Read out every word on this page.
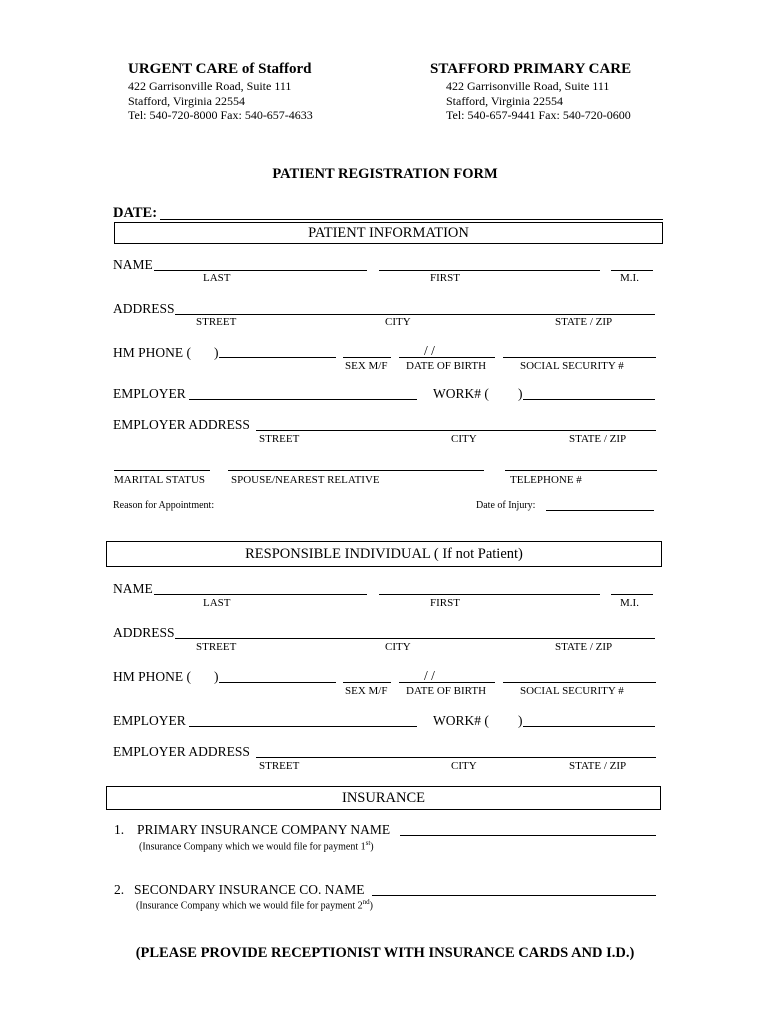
URGENT CARE of Stafford
422 Garrisonville Road, Suite 111
Stafford, Virginia 22554
Tel: 540-720-8000 Fax: 540-657-4633
STAFFORD PRIMARY CARE
422 Garrisonville Road, Suite 111
Stafford, Virginia 22554
Tel: 540-657-9441 Fax: 540-720-0600
PATIENT REGISTRATION FORM
DATE:
PATIENT INFORMATION
NAME
LAST	FIRST	M.I.
ADDRESS
STREET	CITY	STATE / ZIP
HM PHONE ( )	/ /
SEX M/F DATE OF BIRTH	SOCIAL SECURITY #
EMPLOYER	WORK# ( )
EMPLOYER ADDRESS
STREET	CITY	STATE / ZIP
MARITAL STATUS SPOUSE/NEAREST RELATIVE	TELEPHONE #
Reason for Appointment:	Date of Injury:
RESPONSIBLE INDIVIDUAL ( If not Patient)
NAME
LAST	FIRST	M.I.
ADDRESS
STREET	CITY	STATE / ZIP
HM PHONE ( )	/ /
SEX M/F DATE OF BIRTH	SOCIAL SECURITY #
EMPLOYER	WORK# ( )
EMPLOYER ADDRESS
STREET	CITY	STATE / ZIP
INSURANCE
1. PRIMARY INSURANCE COMPANY NAME
(Insurance Company which we would file for payment 1st)
2. SECONDARY INSURANCE CO. NAME
(Insurance Company which we would file for payment 2nd)
(PLEASE PROVIDE RECEPTIONIST WITH INSURANCE CARDS AND I.D.)
